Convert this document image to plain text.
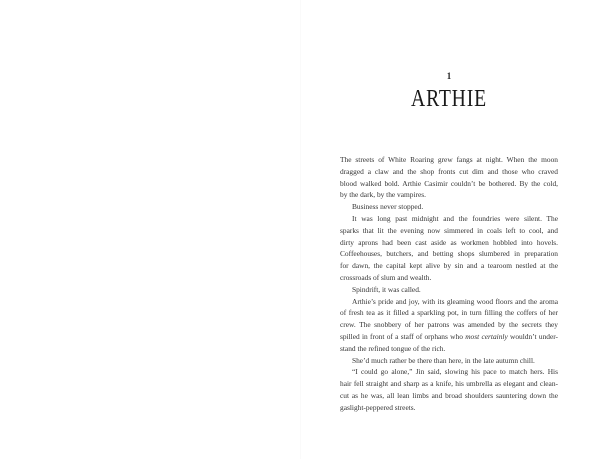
1
ARTHIE
The streets of White Roaring grew fangs at night. When the moon
dragged a claw and the shop fronts cut dim and those who craved
blood walked bold. Arthie Casimir couldn’t be bothered. By the cold,
by the dark, by the vampires.
Business never stopped.
It was long past midnight and the foundries were silent. The
sparks that lit the evening now simmered in coals left to cool, and
dirty aprons had been cast aside as workmen hobbled into hovels.
Coffeehouses, butchers, and betting shops slumbered in preparation
for dawn, the capital kept alive by sin and a tearoom nestled at the
crossroads of slum and wealth.
Spindrift, it was called.
Arthie’s pride and joy, with its gleaming wood floors and the aroma
of fresh tea as it filled a sparkling pot, in turn filling the coffers of her
crew. The snobbery of her patrons was amended by the secrets they
spilled in front of a staff of orphans who most certainly wouldn’t under-
stand the refined tongue of the rich.
She’d much rather be there than here, in the late autumn chill.
“I could go alone,” Jin said, slowing his pace to match hers. His
hair fell straight and sharp as a knife, his umbrella as elegant and clean-
cut as he was, all lean limbs and broad shoulders sauntering down the
gaslight-peppered streets.
